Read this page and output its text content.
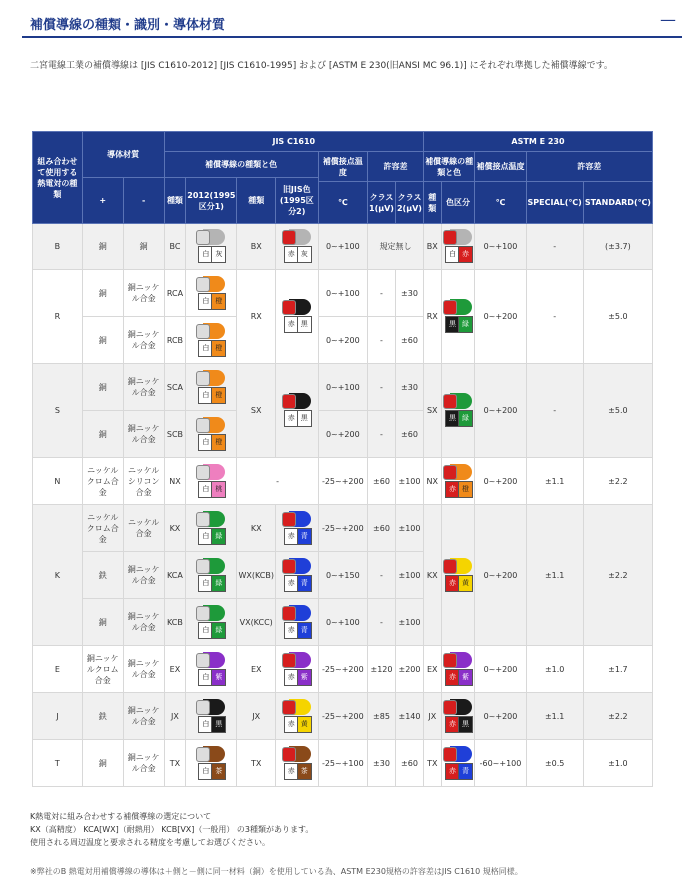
補償導線の種類・識別・導体材質	—
二宮電線工業の補償導線は [JIS C1610-2012] [JIS C1610-1995] および [ASTM E 230(旧ANSI MC 96.1)] にそれぞれ準拠した補償導線です。
組み合わせて使用する熱電対の種類	導体材質		JIS C1610							ASTM E 230				
			補償導線の種類と色				補償接点温度	許容差		補償導線の種類と色		補償接点温度	許容差	
	+	-	種類	2012(1995区分1)	種類	旧JIS色(1995区分2)								
							℃	クラス1(μV)	クラス2(μV)	種類	色区分	℃	SPECIAL(℃)	STANDARD(℃)
B	銅	銅	BC	白 灰	BX	赤 灰	0~+100	規定無し		BX	白 赤	0~+100	-	(±3.7)
R	銅	銅ニッケル合金	RCA	白 橙	RX	赤 黒	0~+100	-	±30	RX	黒 緑	0~+200	-	±5.0
	銅	銅ニッケル合金	RCB	白 橙			0~+200	-	±60					
S	銅	銅ニッケル合金	SCA	白 橙	SX	赤 黒	0~+100	-	±30	SX	黒 緑	0~+200	-	±5.0
	銅	銅ニッケル合金	SCB	白 橙			0~+200	-	±60					
N	ニッケルクロム合金	ニッケルシリコン合金	NX	白 桃	-		-25~+200	±60	±100	NX	赤 橙	0~+200	±1.1	±2.2
K	ニッケルクロム合金	ニッケル合金	KX	白 緑	KX	赤 青	-25~+200	±60	±100	KX	赤 黄	0~+200	±1.1	±2.2
	鉄	銅ニッケル合金	KCA	白 緑	WX(KCB)	赤 青	0~+150	-	±100					
	銅	銅ニッケル合金	KCB	白 緑	VX(KCC)	赤 青	0~+100	-	±100					
E	銅ニッケルクロム合金	銅ニッケル合金	EX	白 紫	EX	赤 紫	-25~+200	±120	±200	EX	赤 紫	0~+200	±1.0	±1.7
J	鉄	銅ニッケル合金	JX	白 黒	JX	赤 黄	-25~+200	±85	±140	JX	赤 黒	0~+200	±1.1	±2.2
T	銅	銅ニッケル合金	TX	白 茶	TX	赤 茶	-25~+100	±30	±60	TX	赤 青	-60~+100	±0.5	±1.0
K熱電対に組み合わせする補償導線の選定について
KX（高精度） KCA[WX]（耐熱用） KCB[VX]（一般用） の3種類があります。
使用される周辺温度と要求される精度を考慮してお選びください。
※弊社のB 熱電対用補償導線の導体は＋側と－側に同一材料（銅）を使用している為、ASTM E230規格の許容差はJIS C1610 規格同様。
